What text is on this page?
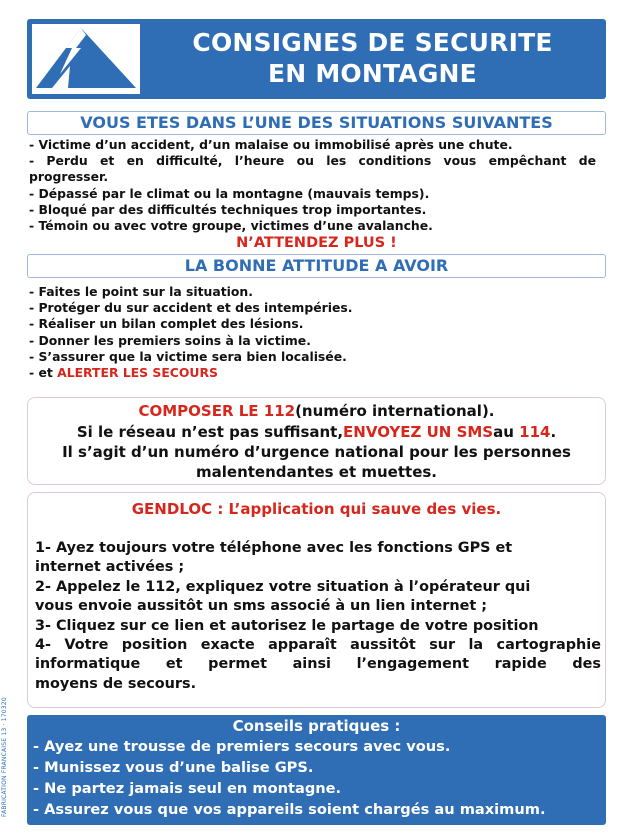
CONSIGNES DE SECURITE
EN MONTAGNE
VOUS ETES DANS L’UNE DES SITUATIONS SUIVANTES
- Victime d’un accident, d’un malaise ou immobilisé après une chute.
- Perdu et en difficulté, l’heure ou les conditions vous empêchant de
progresser.
- Dépassé par le climat ou la montagne (mauvais temps).
- Bloqué par des difficultés techniques trop importantes.
- Témoin ou avec votre groupe, victimes d’une avalanche.
N’ATTENDEZ PLUS !
LA BONNE ATTITUDE A AVOIR
- Faites le point sur la situation.
- Protéger du sur accident et des intempéries.
- Réaliser un bilan complet des lésions.
- Donner les premiers soins à la victime.
- S’assurer que la victime sera bien localisée.
- et ALERTER LES SECOURS
COMPOSER LE 112(numéro international).
Si le réseau n’est pas suffisant,ENVOYEZ UN SMSau 114.
Il s’agit d’un numéro d’urgence national pour les personnes
malentendantes et muettes.
GENDLOC : L’application qui sauve des vies.
1- Ayez toujours votre téléphone avec les fonctions GPS et
internet activées ;
2- Appelez le 112, expliquez votre situation à l’opérateur qui
vous envoie aussitôt un sms associé à un lien internet ;
3- Cliquez sur ce lien et autorisez le partage de votre position
4- Votre position exacte apparaît aussitôt sur la cartographie
informatique et permet ainsi l’engagement rapide des
moyens de secours.
Conseils pratiques :
- Ayez une trousse de premiers secours avec vous.
- Munissez vous d’une balise GPS.
- Ne partez jamais seul en montagne.
- Assurez vous que vos appareils soient chargés au maximum.
FABRICATION FRANCAISE 13 · 170320
